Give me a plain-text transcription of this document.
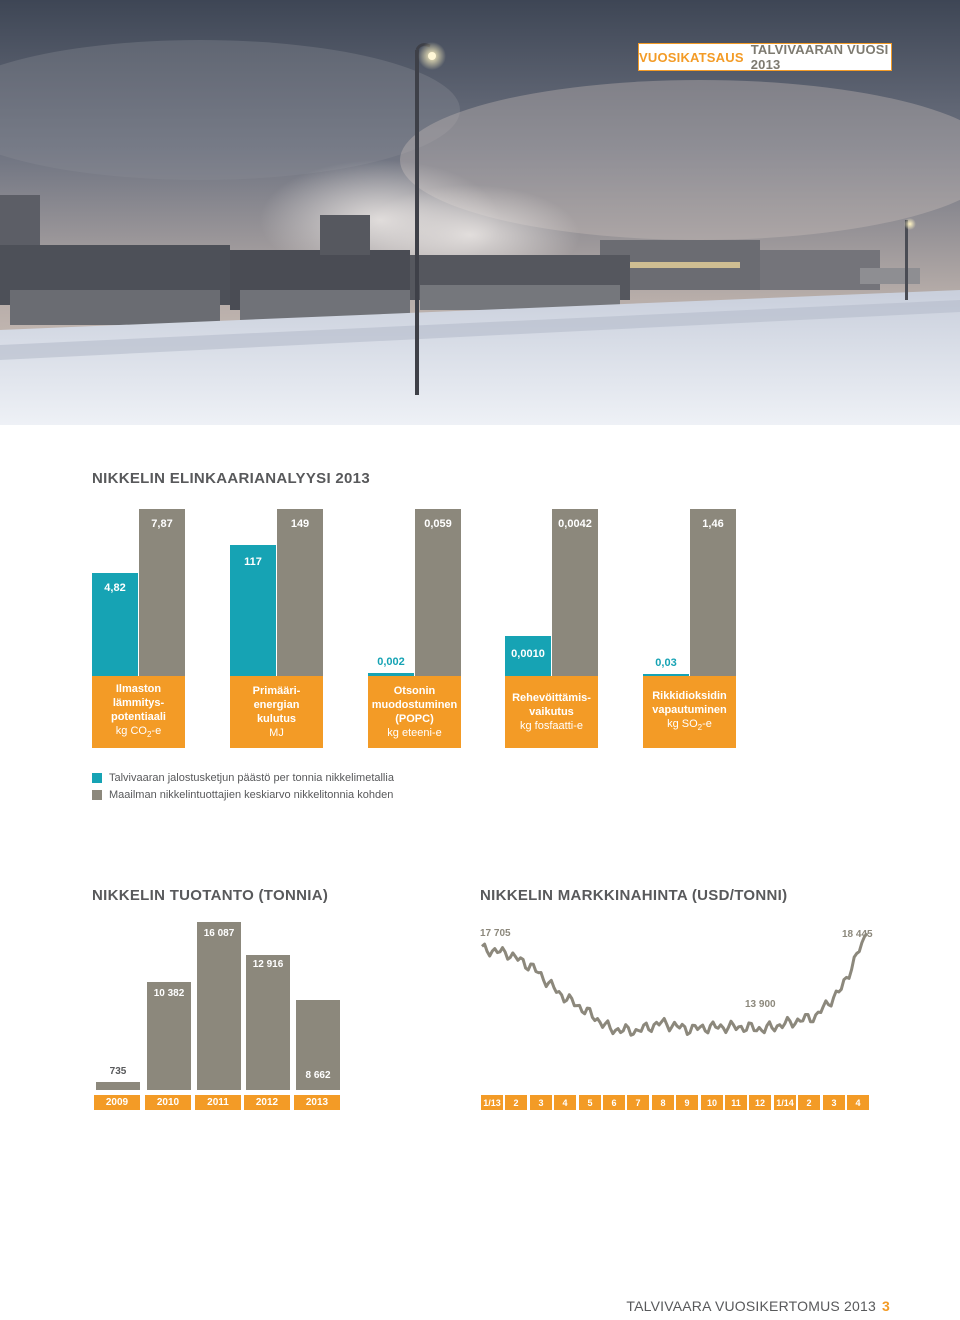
VUOSIKATSAUS TALVIVAARAN VUOSI 2013
NIKKELIN ELINKAARIANALYYSI 2013
4,82
7,87
117
149
0,002
0,059
0,0010
0,0042
0,03
1,46
Ilmaston
lämmitys-
potentiaali
kg $CO_2-e$
Primääri-
energian
kulutus
MJ
Otsonin
muodostuminen
(POPC)
kg eteeni-e
Rehevöittämis-
vaikutus
kg fosfaatti-e
Rikkidioksidin
vapautuminen
kg $SO_2-e$
Talvivaaran jalostusketjun päästö per tonnia nikkelimetallia
Maailman nikkelintuottajien keskiarvo nikkelitonnia kohden
NIKKELIN TUOTANTO (TONNIA)
735
2009
10 382
2010
16 087
2011
12 916
2012
8 662
2013
NIKKELIN MARKKINAHINTA (USD/TONNI)
17 705
13 900
18 445
1/13	2	3	4	5	6	7	8	9	10	11	12	1/14	2	3	4
TALVIVAARA VUOSIKERTOMUS 2013 3
